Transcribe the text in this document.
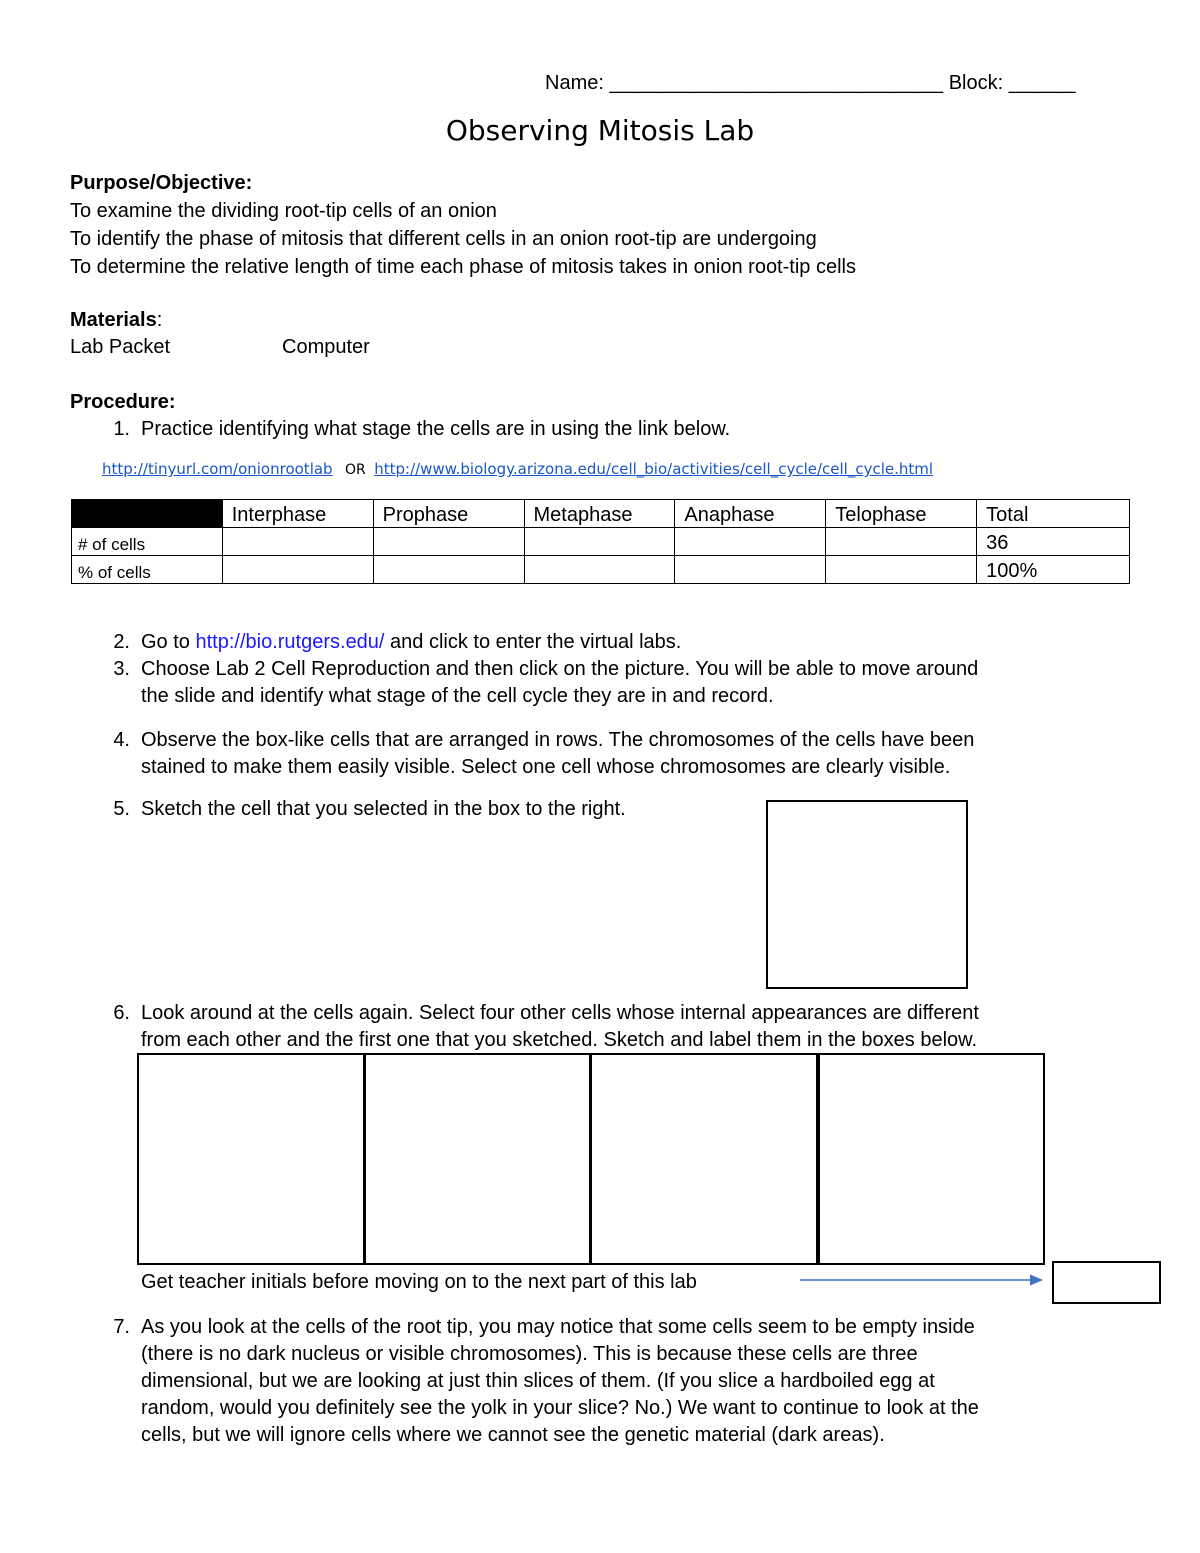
Name: ______________________________ Block: ______
Observing Mitosis Lab
Purpose/Objective:
To examine the dividing root-tip cells of an onion
To identify the phase of mitosis that different cells in an onion root-tip are undergoing
To determine the relative length of time each phase of mitosis takes in onion root-tip cells
Materials:
Lab Packet	Computer
Procedure:
1. Practice identifying what stage the cells are in using the link below.
http://tinyurl.com/onionrootlab OR http://www.biology.arizona.edu/cell_bio/activities/cell_cycle/cell_cycle.html
	Interphase	Prophase	Metaphase	Anaphase	Telophase	Total
# of cells						36
% of cells						100%
2. Go to http://bio.rutgers.edu/ and click to enter the virtual labs.
3. Choose Lab 2 Cell Reproduction and then click on the picture. You will be able to move around
the slide and identify what stage of the cell cycle they are in and record.
4. Observe the box-like cells that are arranged in rows. The chromosomes of the cells have been
stained to make them easily visible. Select one cell whose chromosomes are clearly visible.
5. Sketch the cell that you selected in the box to the right.
6. Look around at the cells again. Select four other cells whose internal appearances are different
from each other and the first one that you sketched. Sketch and label them in the boxes below.
Get teacher initials before moving on to the next part of this lab
7. As you look at the cells of the root tip, you may notice that some cells seem to be empty inside
(there is no dark nucleus or visible chromosomes). This is because these cells are three
dimensional, but we are looking at just thin slices of them. (If you slice a hardboiled egg at
random, would you definitely see the yolk in your slice? No.) We want to continue to look at the
cells, but we will ignore cells where we cannot see the genetic material (dark areas).
